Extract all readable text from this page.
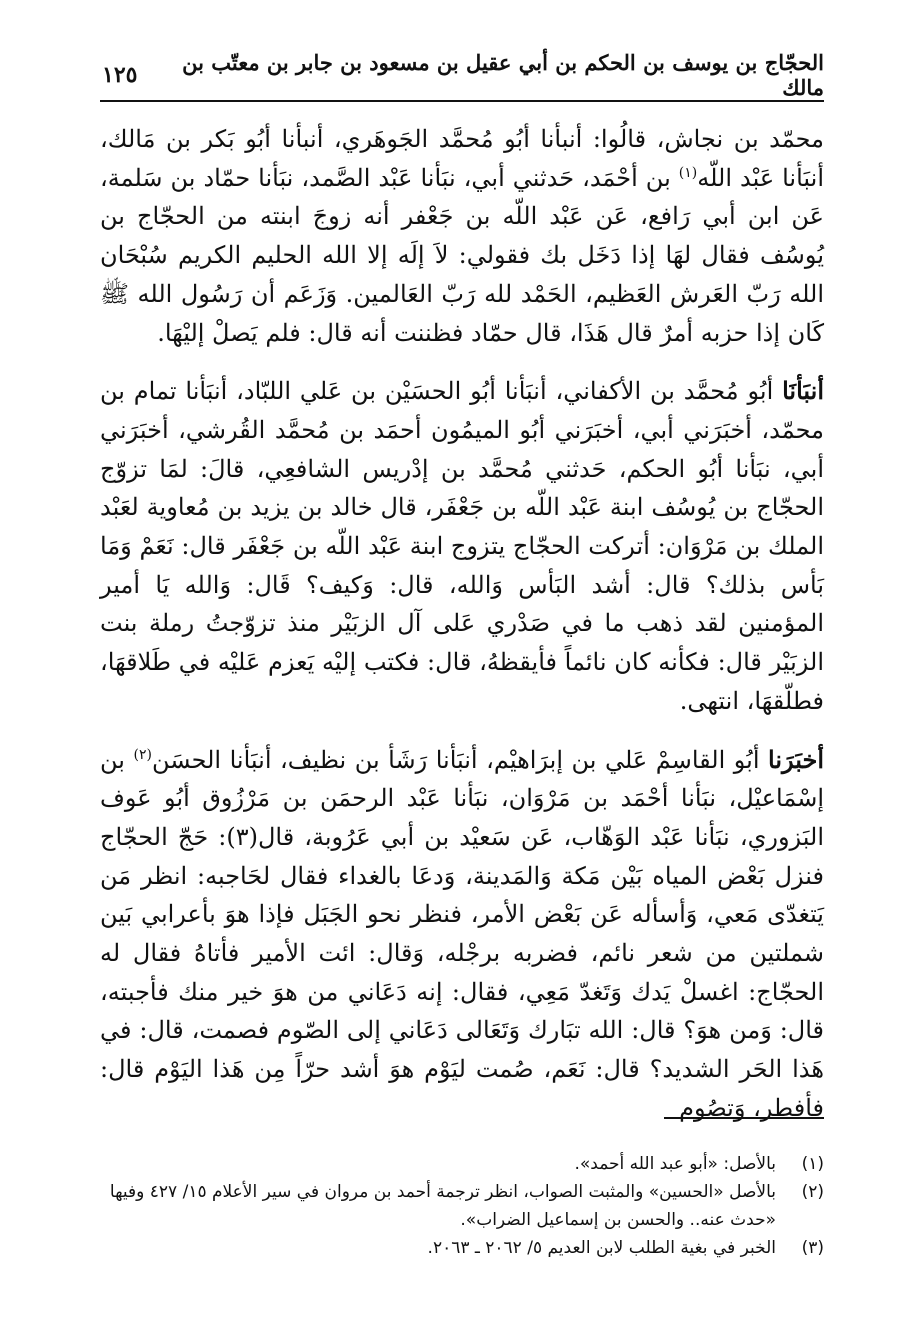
الحجّاج بن يوسف بن الحكم بن أبي عقيل بن مسعود بن جابر بن معتّب بن مالك
١٢٥

محمّد بن نجاش، قالُوا: أنبأنا أبُو مُحمَّد الجَوهَري، أنبأنا أبُو بَكر بن مَالك، أنبَأنا عَبْد اللّه$^{(١)}$ بن أحْمَد، حَدثني أبي، نبَأنا عَبْد الصَّمد، نبَأنا حمّاد بن سَلمة، عَن ابن أبي رَافع، عَن عَبْد اللّه بن جَعْفر أنه زوجَ ابنته من الحجّاج بن يُوسُف فقال لهَا إذا دَخَل بك فقولي: لاَ إلَه إلا الله الحليم الكريم سُبْحَان الله رَبّ العَرش العَظيم، الحَمْد لله رَبّ العَالمين. وَزَعَم أن رَسُول الله ﷺ كَان إذا حزبه أمرٌ قال هَذَا، قال حمّاد فظننت أنه قال: فلم يَصلْ إليْهَا.

أنبَأنَا أبُو مُحمَّد بن الأكفاني، أنبَأنا أبُو الحسَيْن بن عَلي اللبّاد، أنبَأنا تمام بن محمّد، أخبَرَني أبي، أخبَرَني أبُو الميمُون أحمَد بن مُحمَّد القُرشي، أخبَرَني أبي، نبَأنا أبُو الحكم، حَدثني مُحمَّد بن إدْريس الشافعِي، قالَ: لمَا تزوّج الحجّاج بن يُوسُف ابنة عَبْد اللّه بن جَعْفَر، قال خالد بن يزيد بن مُعاوية لعَبْد الملك بن مَرْوَان: أتركت الحجّاج يتزوج ابنة عَبْد اللّه بن جَعْفَر قال: نَعَمْ وَمَا بَأس بذلك؟ قال: أشد البَأس وَالله، قال: وَكيف؟ قَال: وَالله يَا أمير المؤمنين لقد ذهب ما في صَدْري عَلى آل الزبَيْر منذ تزوّجتُ رملة بنت الزبَيْر قال: فكأنه كان نائماً فأيقظهُ، قال: فكتب إليْه يَعزم عَليْه في طَلاقهَا، فطلّقهَا، انتهى.

أخبَرَنا أبُو القاسِمْ عَلي بن إبرَاهيْم، أنبَأنا رَشَأ بن نظيف، أنبَأنا الحسَن$^{(٢)}$ بن إسْمَاعيْل، نبَأنا أحْمَد بن مَرْوَان، نبَأنا عَبْد الرحمَن بن مَرْزُوق أبُو عَوف البَزوري، نبَأنا عَبْد الوَهّاب، عَن سَعيْد بن أبي عَرُوبة، قال(٣): حَجّ الحجّاج فنزل بَعْض المياه بَيْن مَكة وَالمَدينة، وَدعَا بالغداء فقال لحَاجبه: انظر مَن يَتغدّى مَعي، وَأسأله عَن بَعْض الأمر، فنظر نحو الجَبَل فإذا هوَ بأعرابي بَين شملتين من شعر نائم، فضربه برجْله، وَقال: ائت الأمير فأتاهُ فقال له الحجّاج: اغسلْ يَدك وَتَغدّ مَعِي، فقال: إنه دَعَاني من هوَ خير منك فأجبته، قال: وَمن هوَ؟ قال: الله تبَارك وَتَعَالى دَعَاني إلى الصّوم فصمت، قال: في هَذا الحَر الشديد؟ قال: نَعَم، صُمت ليَوْم هوَ أشد حرّاً مِن هَذا اليَوْم قال: فأفطر، وَتصُوم

(١)
بالأصل: «أبو عبد الله أحمد».
(٢)
بالأصل «الحسين» والمثبت الصواب، انظر ترجمة أحمد بن مروان في سير الأعلام ١٥/ ٤٢٧ وفيها «حدث عنه.. والحسن بن إسماعيل الضراب».
(٣)
الخبر في بغية الطلب لابن العديم ٥/ ٢٠٦٢ ـ ٢٠٦٣.
